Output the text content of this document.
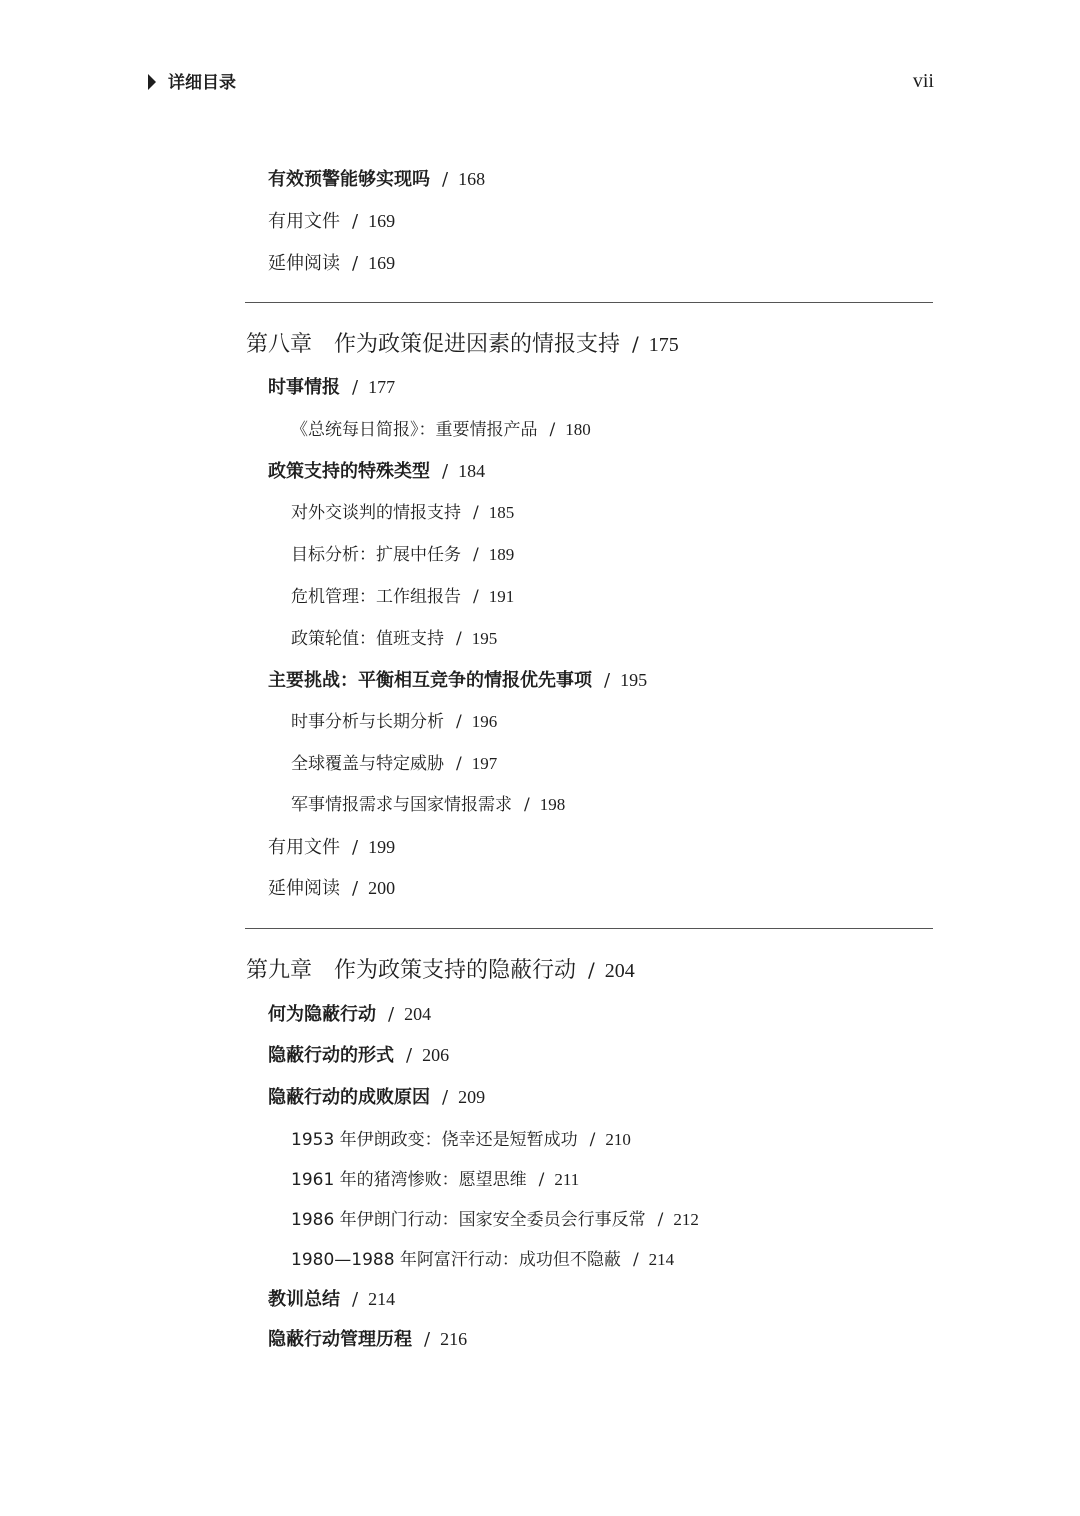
详细目录	vii
有效预警能够实现吗 / 168
有用文件 / 169
延伸阅读 / 169
第八章　作为政策促进因素的情报支持 / 175
时事情报 / 177
《总统每日简报》：重要情报产品 / 180
政策支持的特殊类型 / 184
对外交谈判的情报支持 / 185
目标分析：扩展中任务 / 189
危机管理：工作组报告 / 191
政策轮值：值班支持 / 195
主要挑战：平衡相互竞争的情报优先事项 / 195
时事分析与长期分析 / 196
全球覆盖与特定威胁 / 197
军事情报需求与国家情报需求 / 198
有用文件 / 199
延伸阅读 / 200
第九章　作为政策支持的隐蔽行动 / 204
何为隐蔽行动 / 204
隐蔽行动的形式 / 206
隐蔽行动的成败原因 / 209
1953 年伊朗政变：侥幸还是短暂成功 / 210
1961 年的猪湾惨败：愿望思维 / 211
1986 年伊朗门行动：国家安全委员会行事反常 / 212
1980—1988 年阿富汗行动：成功但不隐蔽 / 214
教训总结 / 214
隐蔽行动管理历程 / 216
